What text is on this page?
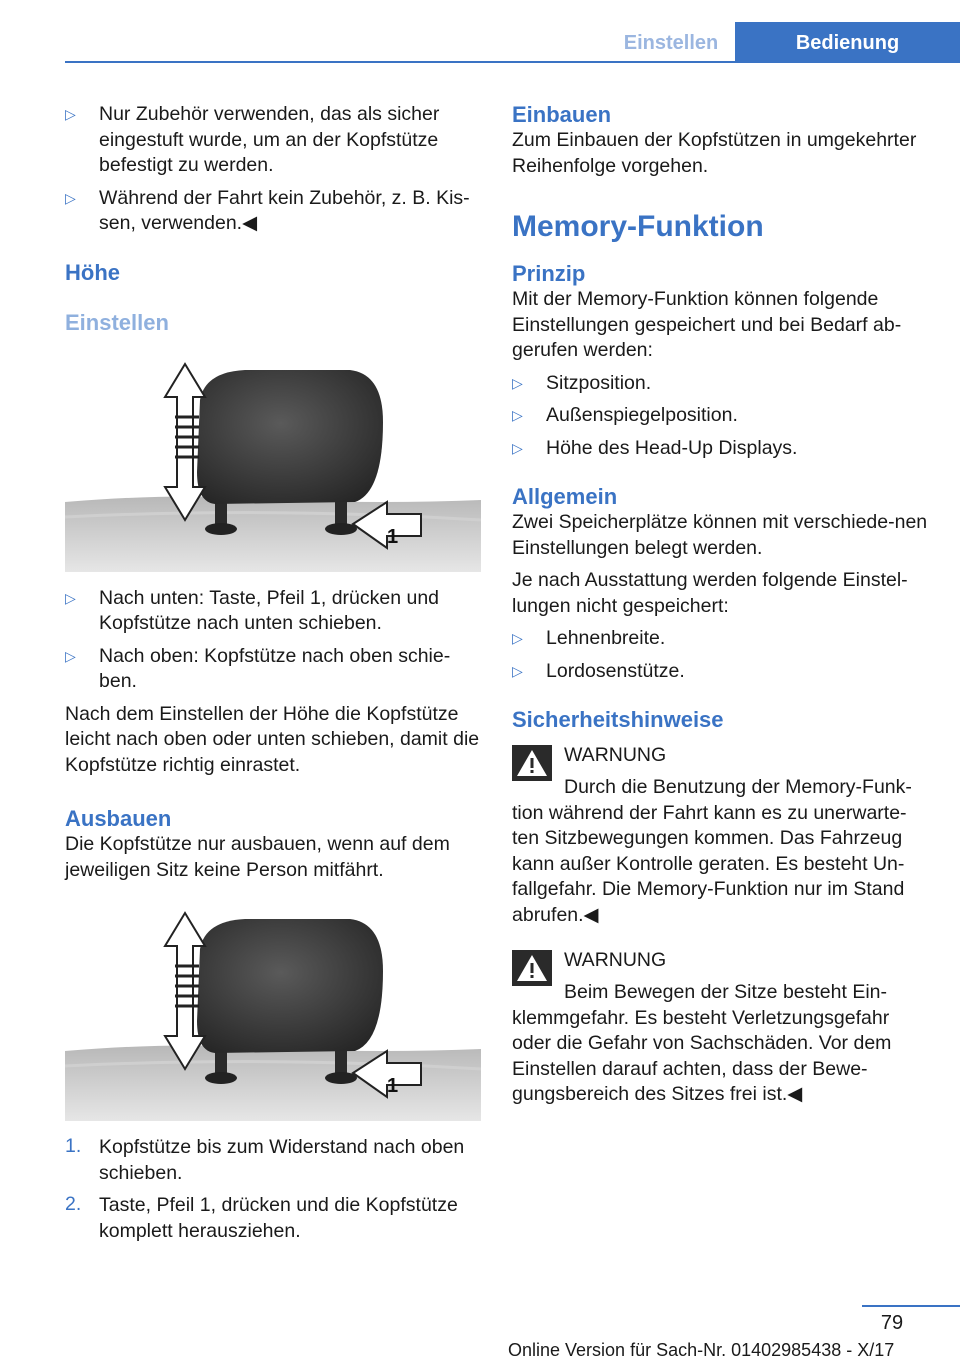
Einstellen	Bedienung
▷	Nur Zubehör verwenden, das als sicher eingestuft wurde, um an der Kopfstütze befestigt zu werden.
▷	Während der Fahrt kein Zubehör, z. B. Kis‐sen, verwenden.◀
Höhe
Einstellen
1
▷	Nach unten: Taste, Pfeil 1, drücken und Kopfstütze nach unten schieben.
▷	Nach oben: Kopfstütze nach oben schie‐ben.

Nach dem Einstellen der Höhe die Kopfstütze leicht nach oben oder unten schieben, damit die Kopfstütze richtig einrastet.

Ausbauen

Die Kopfstütze nur ausbauen, wenn auf dem jeweiligen Sitz keine Person mitfährt.

1
1. Kopfstütze bis zum Widerstand nach oben schieben.
2. Taste, Pfeil 1, drücken und die Kopfstütze komplett herausziehen.
Einbauen

Zum Einbauen der Kopfstützen in umgekehrter Reihenfolge vorgehen.

Memory-Funktion
Prinzip

Mit der Memory-Funktion können folgende Einstellungen gespeichert und bei Bedarf ab‐gerufen werden:

▷	Sitzposition.
▷	Außenspiegelposition.
▷	Höhe des Head-Up Displays.
Allgemein

Zwei Speicherplätze können mit verschiede‐nen Einstellungen belegt werden.

Je nach Ausstattung werden folgende Einstel‐lungen nicht gespeichert:

▷	Lehnenbreite.
▷	Lordosenstütze.
Sicherheitshinweise
WARNUNG

Durch die Benutzung der Memory-Funk‐tion während der Fahrt kann es zu unerwarte‐ten Sitzbewegungen kommen. Das Fahrzeug kann außer Kontrolle geraten. Es besteht Un‐fallgefahr. Die Memory-Funktion nur im Stand abrufen.◀

WARNUNG

Beim Bewegen der Sitze besteht Ein‐klemmgefahr. Es besteht Verletzungsgefahr oder die Gefahr von Sachschäden. Vor dem Einstellen darauf achten, dass der Bewe‐gungsbereich des Sitzes frei ist.◀

79
Online Version für Sach-Nr. 01402985438 - X/17
